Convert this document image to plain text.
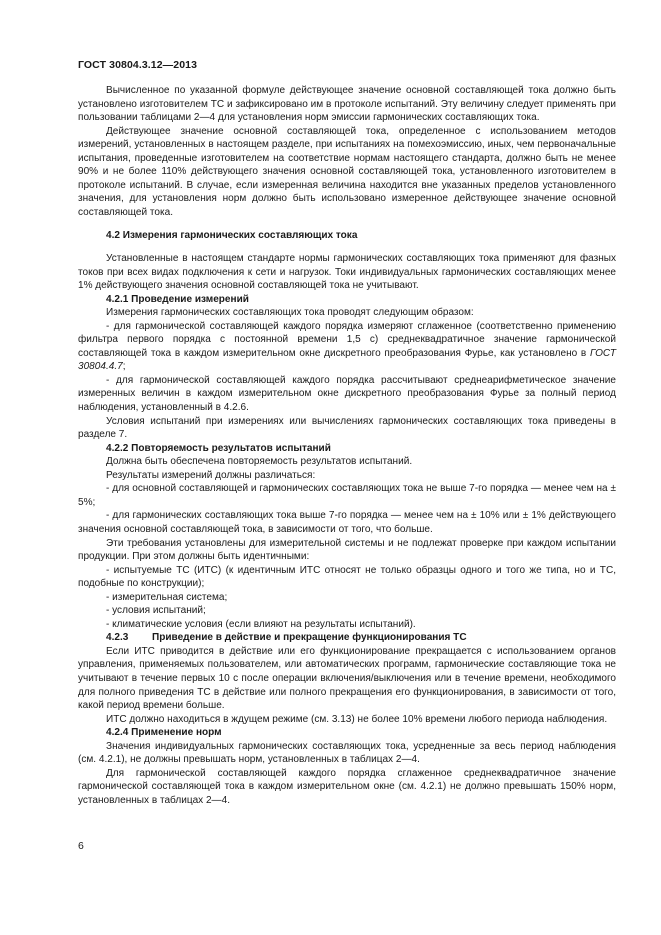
ГОСТ 30804.3.12—2013

Вычисленное по указанной формуле действующее значение основной составляющей тока должно быть установлено изготовителем ТС и зафиксировано им в протоколе испытаний. Эту величину следует применять при пользовании таблицами 2—4 для установления норм эмиссии гармонических составляющих тока.

Действующее значение основной составляющей тока, определенное с использованием методов измерений, установленных в настоящем разделе, при испытаниях на помехоэмиссию, иных, чем первоначальные испытания, проведенные изготовителем на соответствие нормам настоящего стандарта, должно быть не менее 90% и не более 110% действующего значения основной составляющей тока, установленного изготовителем в протоколе испытаний. В случае, если измеренная величина находится вне указанных пределов установленного значения, для установления норм должно быть использовано измеренное действующее значение основной составляющей тока.

4.2 Измерения гармонических составляющих тока

Установленные в настоящем стандарте нормы гармонических составляющих тока применяют для фазных токов при всех видах подключения к сети и нагрузок. Токи индивидуальных гармонических составляющих менее 1% действующего значения основной составляющей тока не учитывают.

4.2.1 Проведение измерений

Измерения гармонических составляющих тока проводят следующим образом:

- для гармонической составляющей каждого порядка измеряют сглаженное (соответственно применению фильтра первого порядка с постоянной времени 1,5 с) среднеквадратичное значение гармонической составляющей тока в каждом измерительном окне дискретного преобразования Фурье, как установлено в ГОСТ 30804.4.7;

- для гармонической составляющей каждого порядка рассчитывают среднеарифметическое значение измеренных величин в каждом измерительном окне дискретного преобразования Фурье за полный период наблюдения, установленный в 4.2.6.

Условия испытаний при измерениях или вычислениях гармонических составляющих тока приведены в разделе 7.

4.2.2 Повторяемость результатов испытаний

Должна быть обеспечена повторяемость результатов испытаний.

Результаты измерений должны различаться:

- для основной составляющей и гармонических составляющих тока не выше 7-го порядка — менее чем на ± 5%;

- для гармонических составляющих тока выше 7-го порядка — менее чем на ± 10% или ± 1% действующего значения основной составляющей тока, в зависимости от того, что больше.

Эти требования установлены для измерительной системы и не подлежат проверке при каждом испытании продукции. При этом должны быть идентичными:

- испытуемые ТС (ИТС) (к идентичным ИТС относят не только образцы одного и того же типа, но и ТС, подобные по конструкции);

- измерительная система;

- условия испытаний;

- климатические условия (если влияют на результаты испытаний).

4.2.3 Приведение в действие и прекращение функционирования ТС

Если ИТС приводится в действие или его функционирование прекращается с использованием органов управления, применяемых пользователем, или автоматических программ, гармонические составляющие тока не учитывают в течение первых 10 с после операции включения/выключения или в течение времени, необходимого для полного приведения ТС в действие или полного прекращения его функционирования, в зависимости от того, какой период времени больше.

ИТС должно находиться в ждущем режиме (см. 3.13) не более 10% времени любого периода наблюдения.

4.2.4 Применение норм

Значения индивидуальных гармонических составляющих тока, усредненные за весь период наблюдения (см. 4.2.1), не должны превышать норм, установленных в таблицах 2—4.

Для гармонической составляющей каждого порядка сглаженное среднеквадратичное значение гармонической составляющей тока в каждом измерительном окне (см. 4.2.1) не должно превышать 150% норм, установленных в таблицах 2—4.

6
